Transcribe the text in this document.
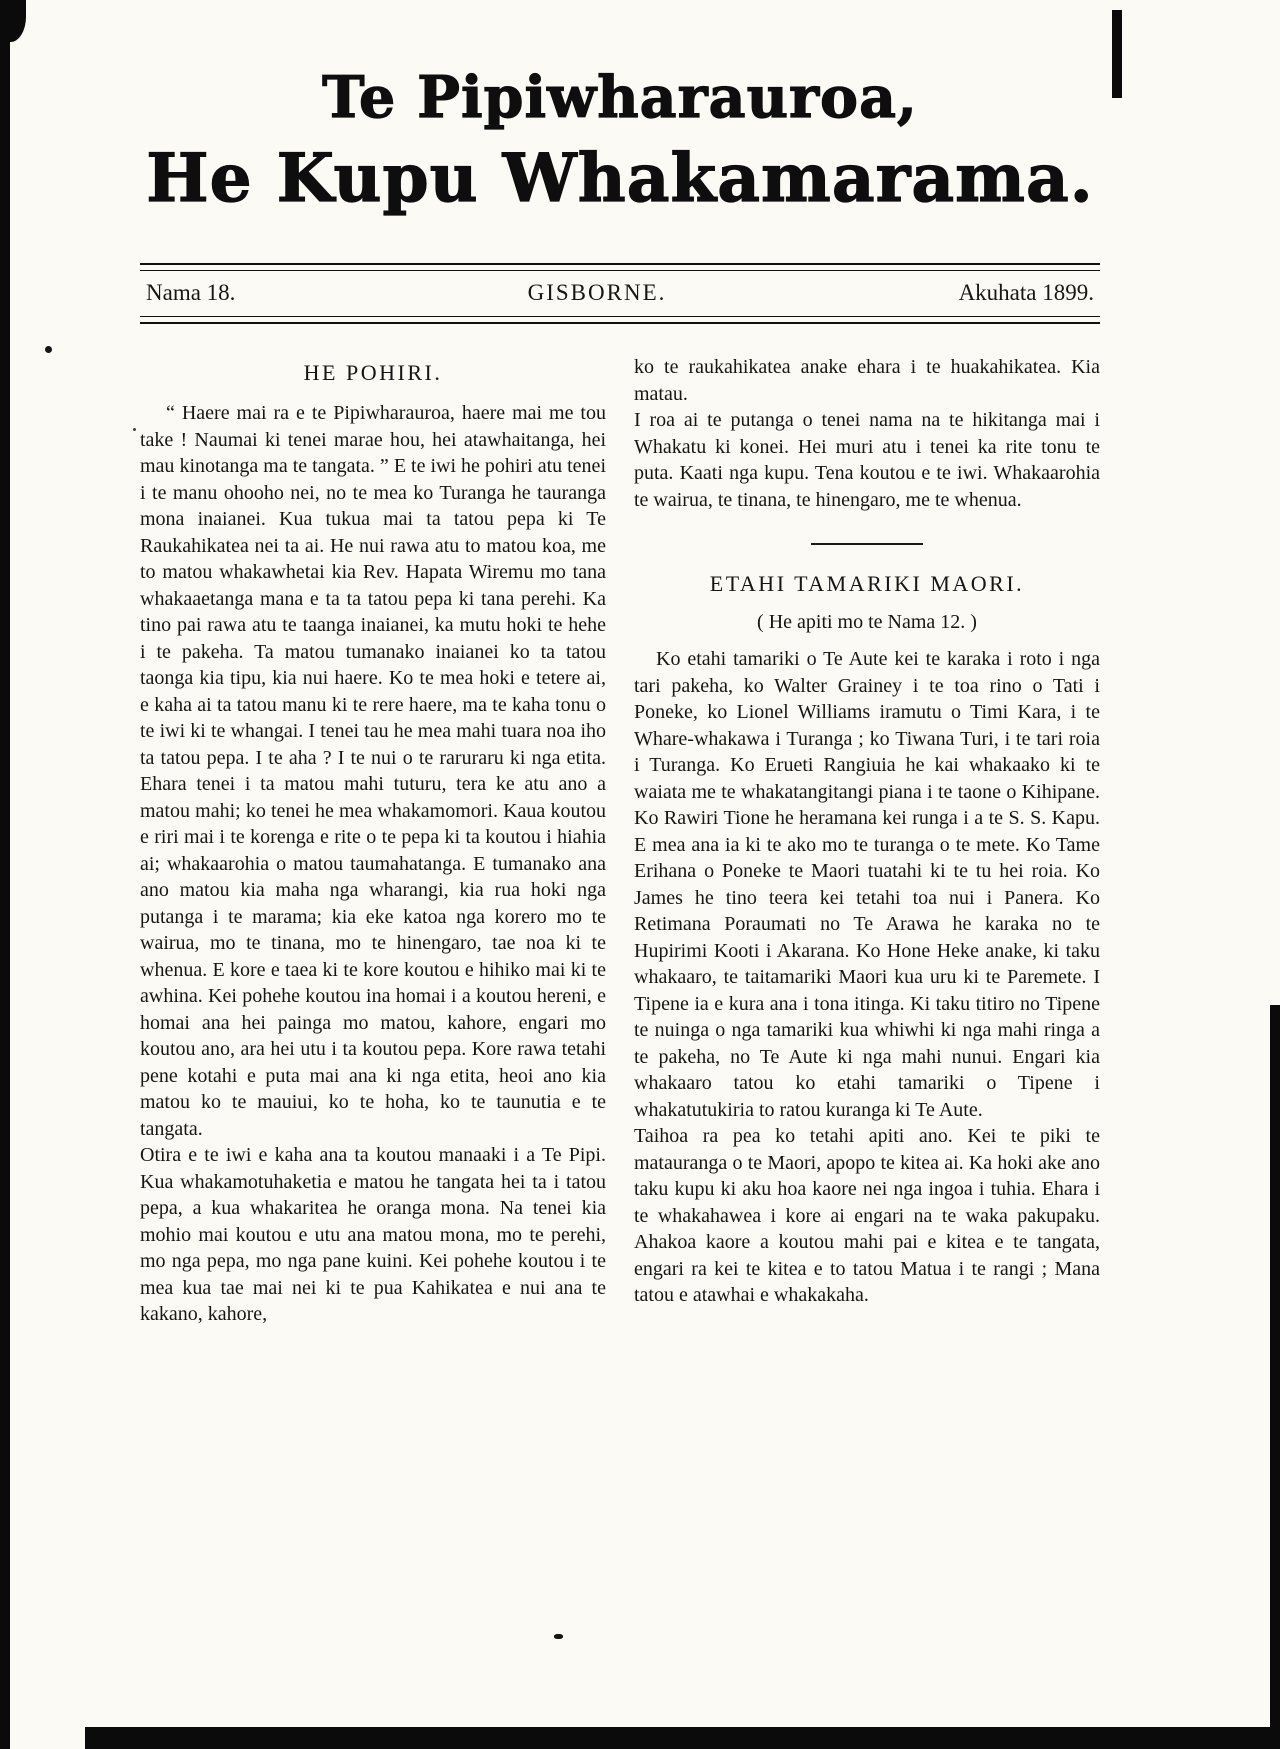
Te Pipiwharauroa,
He Kupu Whakamarama.
Nama 18.	GISBORNE.	Akuhata 1899.
HE POHIRI.

“ Haere mai ra e te Pipiwharauroa, haere mai me tou take ! Naumai ki tenei marae hou, hei atawhaitanga, hei mau kinotanga ma te tangata. ” E te iwi he pohiri atu tenei i te manu ohooho nei, no te mea ko Turanga he tauranga mona inaianei. Kua tukua mai ta tatou pepa ki Te Raukahikatea nei ta ai. He nui rawa atu to matou koa, me to matou whakawhetai kia Rev. Hapata Wiremu mo tana whakaaetanga mana e ta ta tatou pepa ki tana perehi. Ka tino pai rawa atu te taanga inaianei, ka mutu hoki te hehe i te pakeha. Ta matou tumanako inaianei ko ta tatou taonga kia tipu, kia nui haere. Ko te mea hoki e tetere ai, e kaha ai ta tatou manu ki te rere haere, ma te kaha tonu o te iwi ki te whangai. I tenei tau he mea mahi tuara noa iho ta tatou pepa. I te aha ? I te nui o te raruraru ki nga etita. Ehara tenei i ta matou mahi tuturu, tera ke atu ano a matou mahi; ko tenei he mea whakamomori. Kaua koutou e riri mai i te korenga e rite o te pepa ki ta koutou i hiahia ai; whakaarohia o matou taumahatanga. E tumanako ana ano matou kia maha nga wharangi, kia rua hoki nga putanga i te marama; kia eke katoa nga korero mo te wairua, mo te tinana, mo te hinengaro, tae noa ki te whenua. E kore e taea ki te kore koutou e hihiko mai ki te awhina. Kei pohehe koutou ina homai i a koutou hereni, e homai ana hei painga mo matou, kahore, engari mo koutou ano, ara hei utu i ta koutou pepa. Kore rawa tetahi pene kotahi e puta mai ana ki nga etita, heoi ano kia matou ko te mauiui, ko te hoha, ko te taunutia e te tangata.

Otira e te iwi e kaha ana ta koutou manaaki i a Te Pipi. Kua whakamotuhaketia e matou he tangata hei ta i tatou pepa, a kua whakaritea he oranga mona. Na tenei kia mohio mai koutou e utu ana matou mona, mo te perehi, mo nga pepa, mo nga pane kuini. Kei pohehe koutou i te mea kua tae mai nei ki te pua Kahikatea e nui ana te kakano, kahore,

ko te raukahikatea anake ehara i te huakahikatea. Kia matau.

I roa ai te putanga o tenei nama na te hikitanga mai i Whakatu ki konei. Hei muri atu i tenei ka rite tonu te puta. Kaati nga kupu. Tena koutou e te iwi. Whakaarohia te wairua, te tinana, te hinengaro, me te whenua.

ETAHI TAMARIKI MAORI.

( He apiti mo te Nama 12. )

Ko etahi tamariki o Te Aute kei te karaka i roto i nga tari pakeha, ko Walter Grainey i te toa rino o Tati i Poneke, ko Lionel Williams iramutu o Timi Kara, i te Whare-whakawa i Turanga ; ko Tiwana Turi, i te tari roia i Turanga. Ko Erueti Rangiuia he kai whakaako ki te waiata me te whakatangitangi piana i te taone o Kihipane. Ko Rawiri Tione he heramana kei runga i a te S. S. Kapu. E mea ana ia ki te ako mo te turanga o te mete. Ko Tame Erihana o Poneke te Maori tuatahi ki te tu hei roia. Ko James he tino teera kei tetahi toa nui i Panera. Ko Retimana Poraumati no Te Arawa he karaka no te Hupirimi Kooti i Akarana. Ko Hone Heke anake, ki taku whakaaro, te taitamariki Maori kua uru ki te Paremete. I Tipene ia e kura ana i tona itinga. Ki taku titiro no Tipene te nuinga o nga tamariki kua whiwhi ki nga mahi ringa a te pakeha, no Te Aute ki nga mahi nunui. Engari kia whakaaro tatou ko etahi tamariki o Tipene i whakatutukiria to ratou kuranga ki Te Aute.

Taihoa ra pea ko tetahi apiti ano. Kei te piki te matauranga o te Maori, apopo te kitea ai. Ka hoki ake ano taku kupu ki aku hoa kaore nei nga ingoa i tuhia. Ehara i te whakahawea i kore ai engari na te waka pakupaku. Ahakoa kaore a koutou mahi pai e kitea e te tangata, engari ra kei te kitea e to tatou Matua i te rangi ; Mana tatou e atawhai e whakakaha.
